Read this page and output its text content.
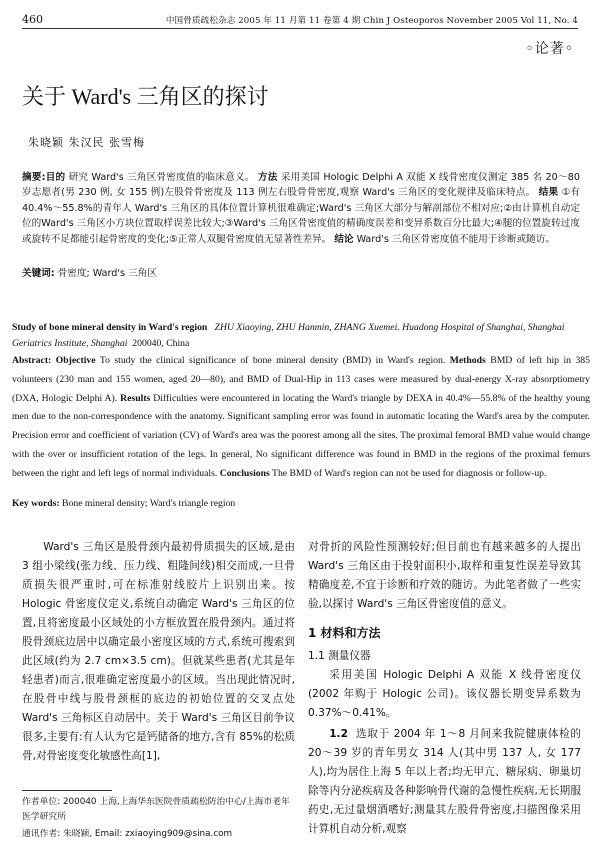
460	中国骨质疏松杂志 2005 年 11 月第 11 卷第 4 期 Chin J Osteoporos November 2005 Vol 11, No. 4
◦论著◦
关于 Ward's 三角区的探讨
朱晓颖 朱汉民 张雪梅
摘要:目的 研究 Ward's 三角区骨密度值的临床意义。 方法 采用美国 Hologic Delphi A 双能 X 线骨密度仪测定 385 名 20～80 岁志愿者(男 230 例, 女 155 例)左股骨骨密度及 113 例左右股骨骨密度,观察 Ward's 三角区的变化规律及临床特点。 结果 ①有 40.4%～55.8%的青年人 Ward's 三角区的具体位置计算机很难确定;Ward's 三角区大部分与解剖部位不相对应;②由计算机自动定位的Ward's 三角区小方块位置取样误差比较大;③Ward's 三角区骨密度值的精确度误差和变异系数百分比最大;④腿的位置旋转过度或旋转不足都能引起骨密度的变化;⑤正常人双腿骨密度值无显著性差异。 结论 Ward's 三角区骨密度值不能用于诊断或随访。
关键词: 骨密度; Ward's 三角区
Study of bone mineral density in Ward's region ZHU Xiaoying, ZHU Hanmin, ZHANG Xuemei. Huadong Hospital of Shanghai, Shanghai Geriatrics Institute, Shanghai 200040, China
Abstract: Objective To study the clinical significance of bone mineral density (BMD) in Ward's region. Methods BMD of left hip in 385 volunteers (230 man and 155 women, aged 20—80), and BMD of Dual-Hip in 113 cases were measured by dual-energy X-ray absorptiometry (DXA, Hologic Delphi A). Results Difficulties were encountered in locating the Ward's triangle by DEXA in 40.4%—55.8% of the healthy young men due to the non-correspondence with the anatomy. Significant sampling error was found in automatic locating the Ward's area by the computer. Precision error and coefficient of variation (CV) of Ward's area was the poorest among all the sites. The proximal femoral BMD value would change with the over or insufficient rotation of the legs. In general, No significant difference was found in BMD in the regions of the proximal femurs between the right and left legs of normal individuals. Conclusions The BMD of Ward's region can not be used for diagnosis or follow-up.
Key words: Bone mineral density; Ward's triangle region

Ward's 三角区是股骨颈内最初骨质损失的区域,是由 3 组小梁线(张力线、压力线、粗隆间线)相交而成,一旦骨质损失很严重时,可在标准射线胶片上识别出来。按 Hologic 骨密度仪定义,系统自动确定 Ward's 三角区的位置,且将密度最小区域处的小方框放置在股骨颈内。通过将股骨颈底边居中以确定最小密度区域的方式,系统可搜索到此区域(约为 2.7 cm×3.5 cm)。但就某些患者(尤其是年轻患者)而言,很难确定密度最小的区域。当出现此情况时,在股骨中线与股骨颈框的底边的初始位置的交叉点处 Ward's 三角标区自动居中。关于 Ward's 三角区目前争议很多,主要有:有人认为它是钙储备的地方,含有 85%的松质骨,对骨密度变化敏感性高[1],

对骨折的风险性预测较好;但目前也有越来越多的人提出 Ward's 三角区由于投射面积小,取样和重复性误差导致其精确度差,不宜于诊断和疗效的随访。为此笔者做了一些实验,以探讨 Ward's 三角区骨密度值的意义。

1 材料和方法
1.1 测量仪器

采用美国 Hologic Delphi A 双能 X 线骨密度仪(2002 年购于 Hologic 公司)。该仪器长期变异系数为 0.37%～0.41%。

1.2 选取于 2004 年 1～8 月间来我院健康体检的 20～39 岁的青年男女 314 人(其中男 137 人, 女 177 人),均为居住上海 5 年以上者;均无甲亢、糖尿病、卵巢切除等内分泌疾病及各种影响骨代谢的急慢性疾病,无长期服药史,无过量烟酒嗜好;测量其左股骨骨密度,扫描图像采用计算机自动分析,观察

作者单位: 200040 上海,上海华东医院骨质疏松防治中心/上海市老年医学研究所
通讯作者: 朱晓颖, Email: zxiaoying909@sina.com
